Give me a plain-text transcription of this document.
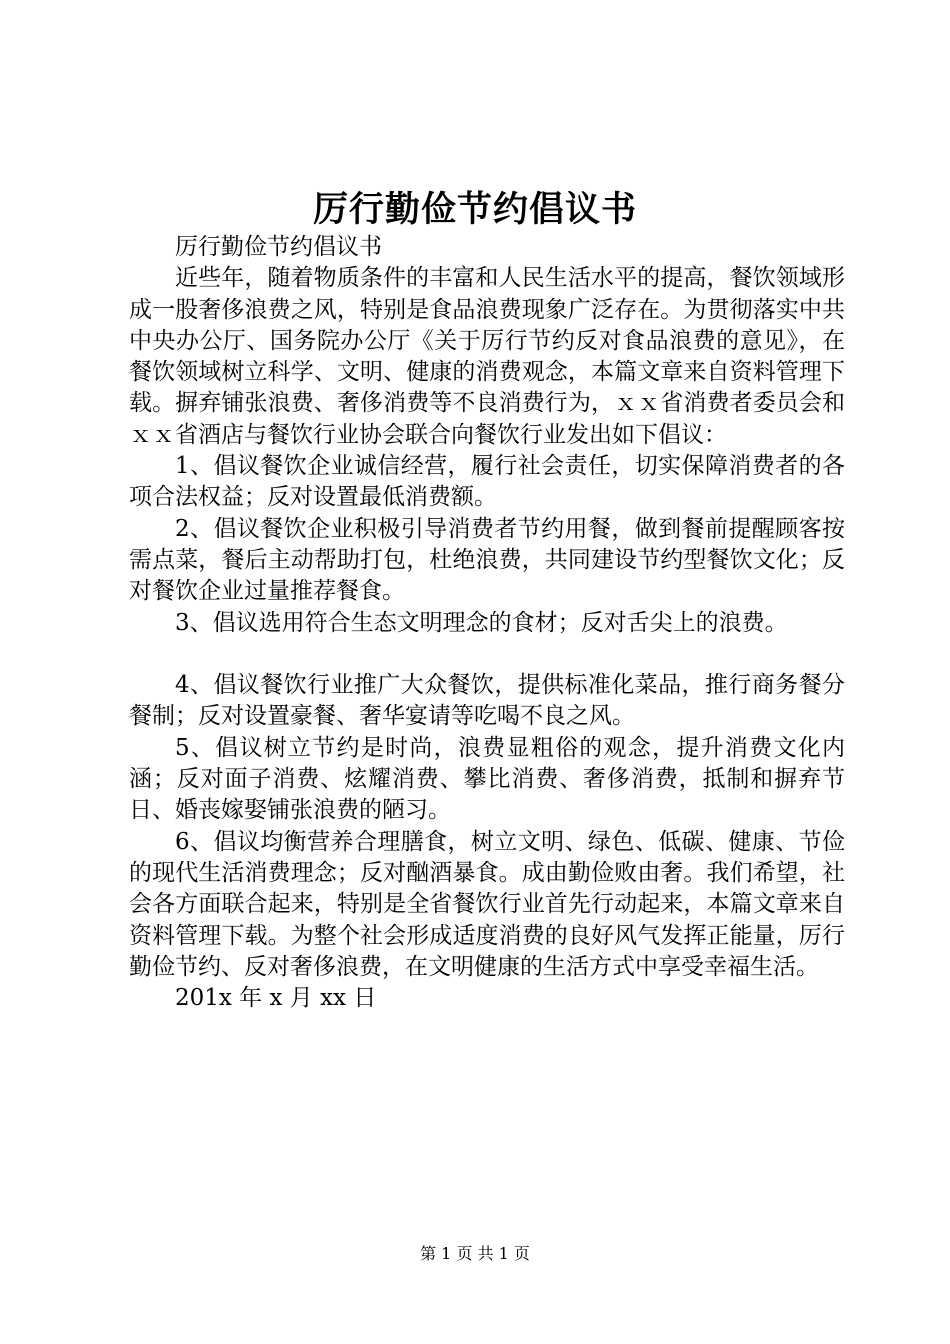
厉行勤俭节约倡议书

厉行勤俭节约倡议书

近些年，随着物质条件的丰富和人民生活水平的提高，餐饮领域形成一股奢侈浪费之风，特别是食品浪费现象广泛存在。为贯彻落实中共中央办公厅、国务院办公厅《关于厉行节约反对食品浪费的意见》，在餐饮领域树立科学、文明、健康的消费观念，本篇文章来自资料管理下载。摒弃铺张浪费、奢侈消费等不良消费行为，ｘｘ省消费者委员会和ｘｘ省酒店与餐饮行业协会联合向餐饮行业发出如下倡议：

1、倡议餐饮企业诚信经营，履行社会责任，切实保障消费者的各项合法权益；反对设置最低消费额。

2、倡议餐饮企业积极引导消费者节约用餐，做到餐前提醒顾客按需点菜，餐后主动帮助打包，杜绝浪费，共同建设节约型餐饮文化；反对餐饮企业过量推荐餐食。

3、倡议选用符合生态文明理念的食材；反对舌尖上的浪费。

4、倡议餐饮行业推广大众餐饮，提供标准化菜品，推行商务餐分餐制；反对设置豪餐、奢华宴请等吃喝不良之风。

5、倡议树立节约是时尚，浪费显粗俗的观念，提升消费文化内涵；反对面子消费、炫耀消费、攀比消费、奢侈消费，抵制和摒弃节日、婚丧嫁娶铺张浪费的陋习。

6、倡议均衡营养合理膳食，树立文明、绿色、低碳、健康、节俭的现代生活消费理念；反对酗酒暴食。成由勤俭败由奢。我们希望，社会各方面联合起来，特别是全省餐饮行业首先行动起来，本篇文章来自资料管理下载。为整个社会形成适度消费的良好风气发挥正能量，厉行勤俭节约、反对奢侈浪费，在文明健康的生活方式中享受幸福生活。

201x 年 x 月 xx 日

第 1 页 共 1 页
